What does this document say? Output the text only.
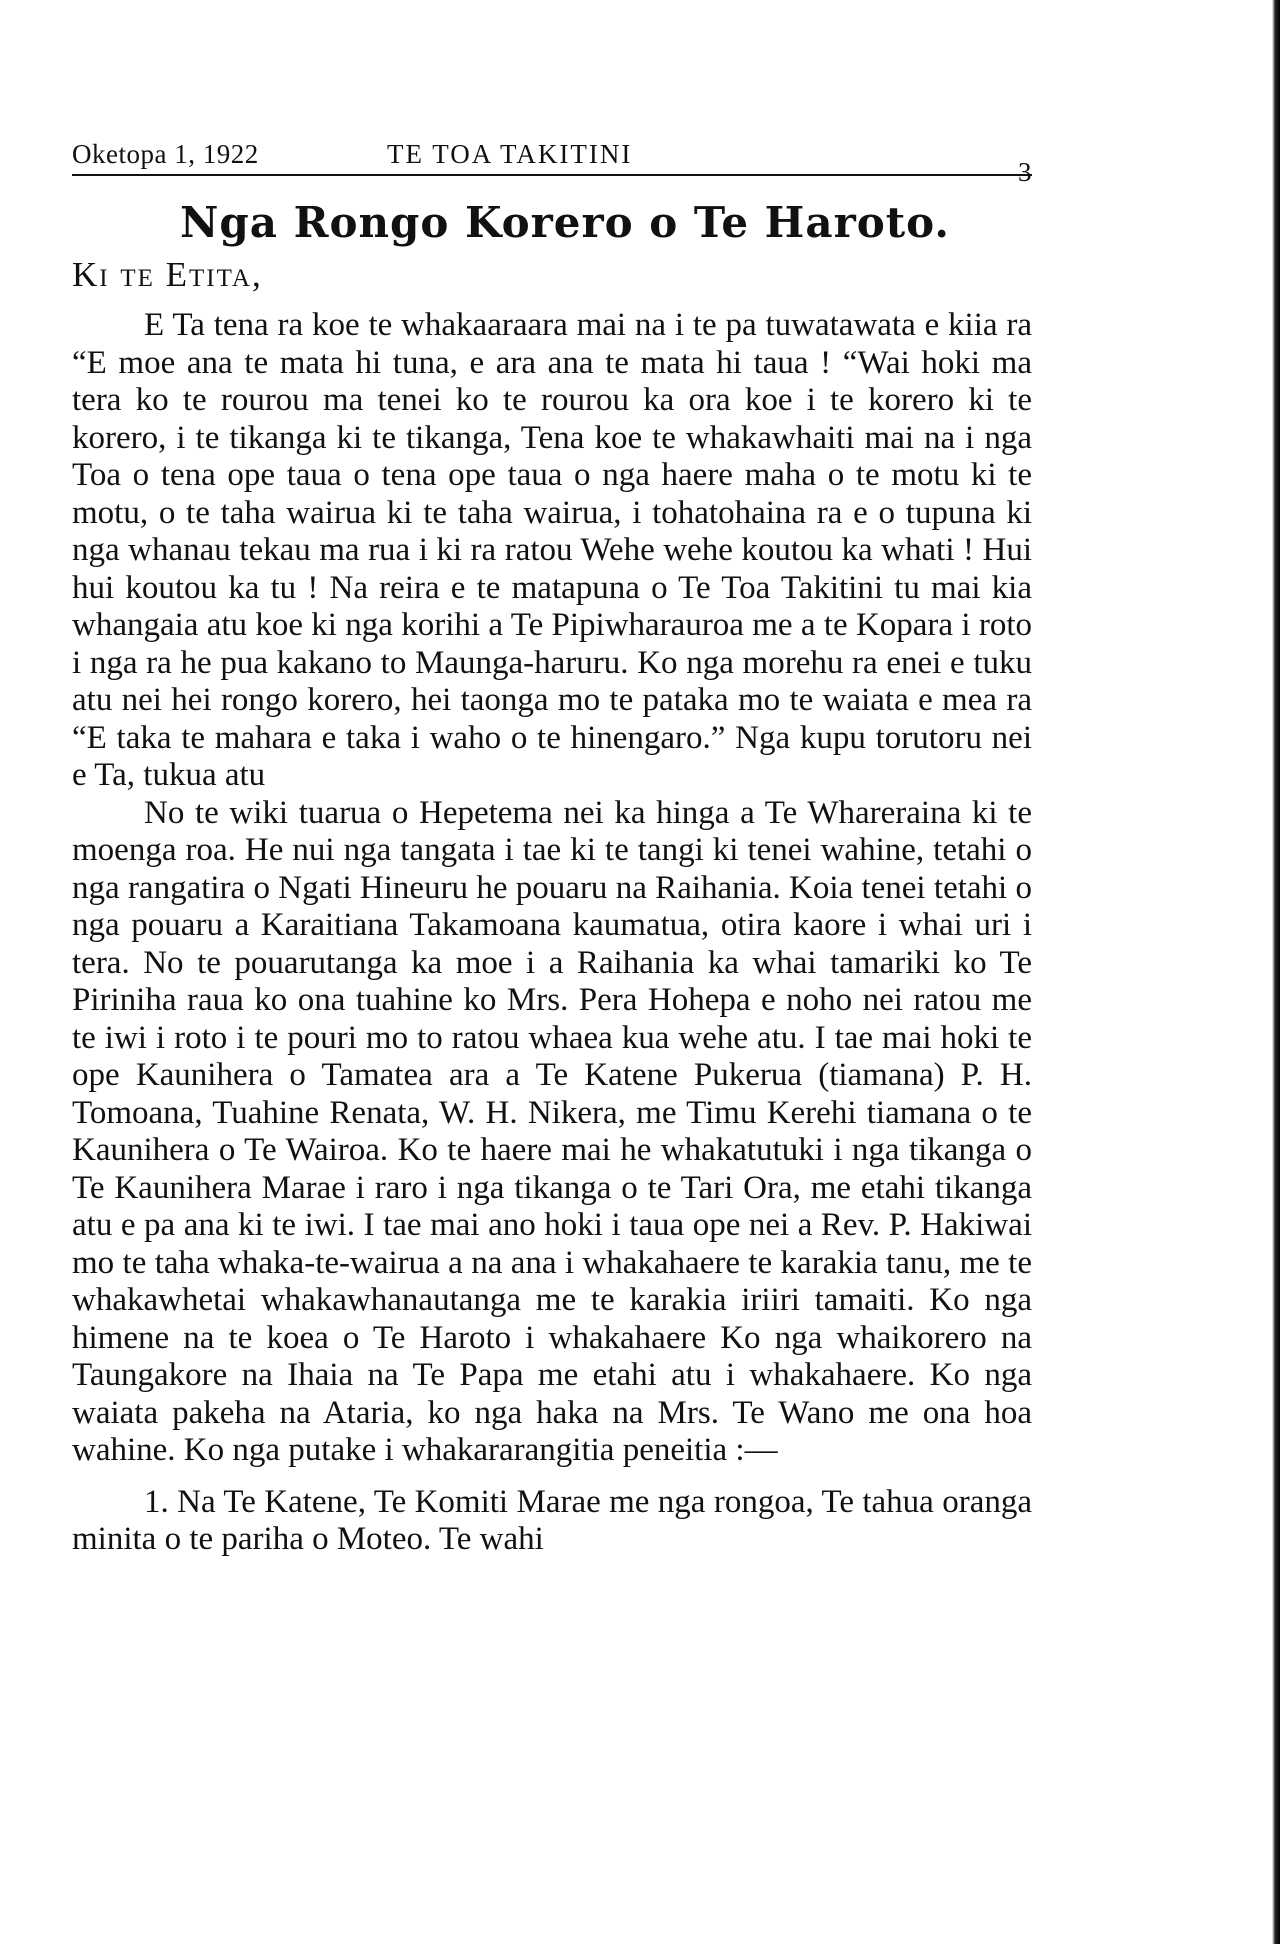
Oketopa 1, 1922	TE TOA TAKITINI
3
Nga Rongo Korero o Te Haroto.
Ki te Etita,

E Ta tena ra koe te whakaaraara mai na i te pa tuwatawata e kiia ra “E moe ana te mata hi tuna, e ara ana te mata hi taua ! “Wai hoki ma tera ko te rourou ma tenei ko te rourou ka ora koe i te korero ki te korero, i te tikanga ki te tikanga, Tena koe te whakawhaiti mai na i nga Toa o tena ope taua o tena ope taua o nga haere maha o te motu ki te motu, o te taha wairua ki te taha wairua, i tohatohaina ra e o tupuna ki nga whanau tekau ma rua i ki ra ratou Wehe wehe koutou ka whati ! Hui hui koutou ka tu ! Na reira e te matapuna o Te Toa Takitini tu mai kia whangaia atu koe ki nga korihi a Te Pipiwharauroa me a te Kopara i roto i nga ra he pua kakano to Maunga-haruru. Ko nga morehu ra enei e tuku atu nei hei rongo korero, hei taonga mo te pataka mo te waiata e mea ra “E taka te mahara e taka i waho o te hinengaro.” Nga kupu torutoru nei e Ta, tukua atu

No te wiki tuarua o Hepetema nei ka hinga a Te Whareraina ki te moenga roa. He nui nga tangata i tae ki te tangi ki tenei wahine, tetahi o nga rangatira o Ngati Hineuru he pouaru na Raihania. Koia tenei tetahi o nga pouaru a Karaitiana Takamoana kaumatua, otira kaore i whai uri i tera. No te pouarutanga ka moe i a Raihania ka whai tamariki ko Te Piriniha raua ko ona tuahine ko Mrs. Pera Hohepa e noho nei ratou me te iwi i roto i te pouri mo to ratou whaea kua wehe atu. I tae mai hoki te ope Kaunihera o Tamatea ara a Te Katene Pukerua (tiamana) P. H. Tomoana, Tuahine Renata, W. H. Nikera, me Timu Kerehi tiamana o te Kaunihera o Te Wairoa. Ko te haere mai he whakatutuki i nga tikanga o Te Kaunihera Marae i raro i nga tikanga o te Tari Ora, me etahi tikanga atu e pa ana ki te iwi. I tae mai ano hoki i taua ope nei a Rev. P. Hakiwai mo te taha whaka-te-wairua a na ana i whakahaere te karakia tanu, me te whakawhetai whakawhanautanga me te karakia iriiri tamaiti. Ko nga himene na te koea o Te Haroto i whakahaere Ko nga whaikorero na Taungakore na Ihaia na Te Papa me etahi atu i whakahaere. Ko nga waiata pakeha na Ataria, ko nga haka na Mrs. Te Wano me ona hoa wahine. Ko nga putake i whakararangitia peneitia :—

1. Na Te Katene, Te Komiti Marae me nga rongoa, Te tahua oranga minita o te pariha o Moteo. Te wahi
